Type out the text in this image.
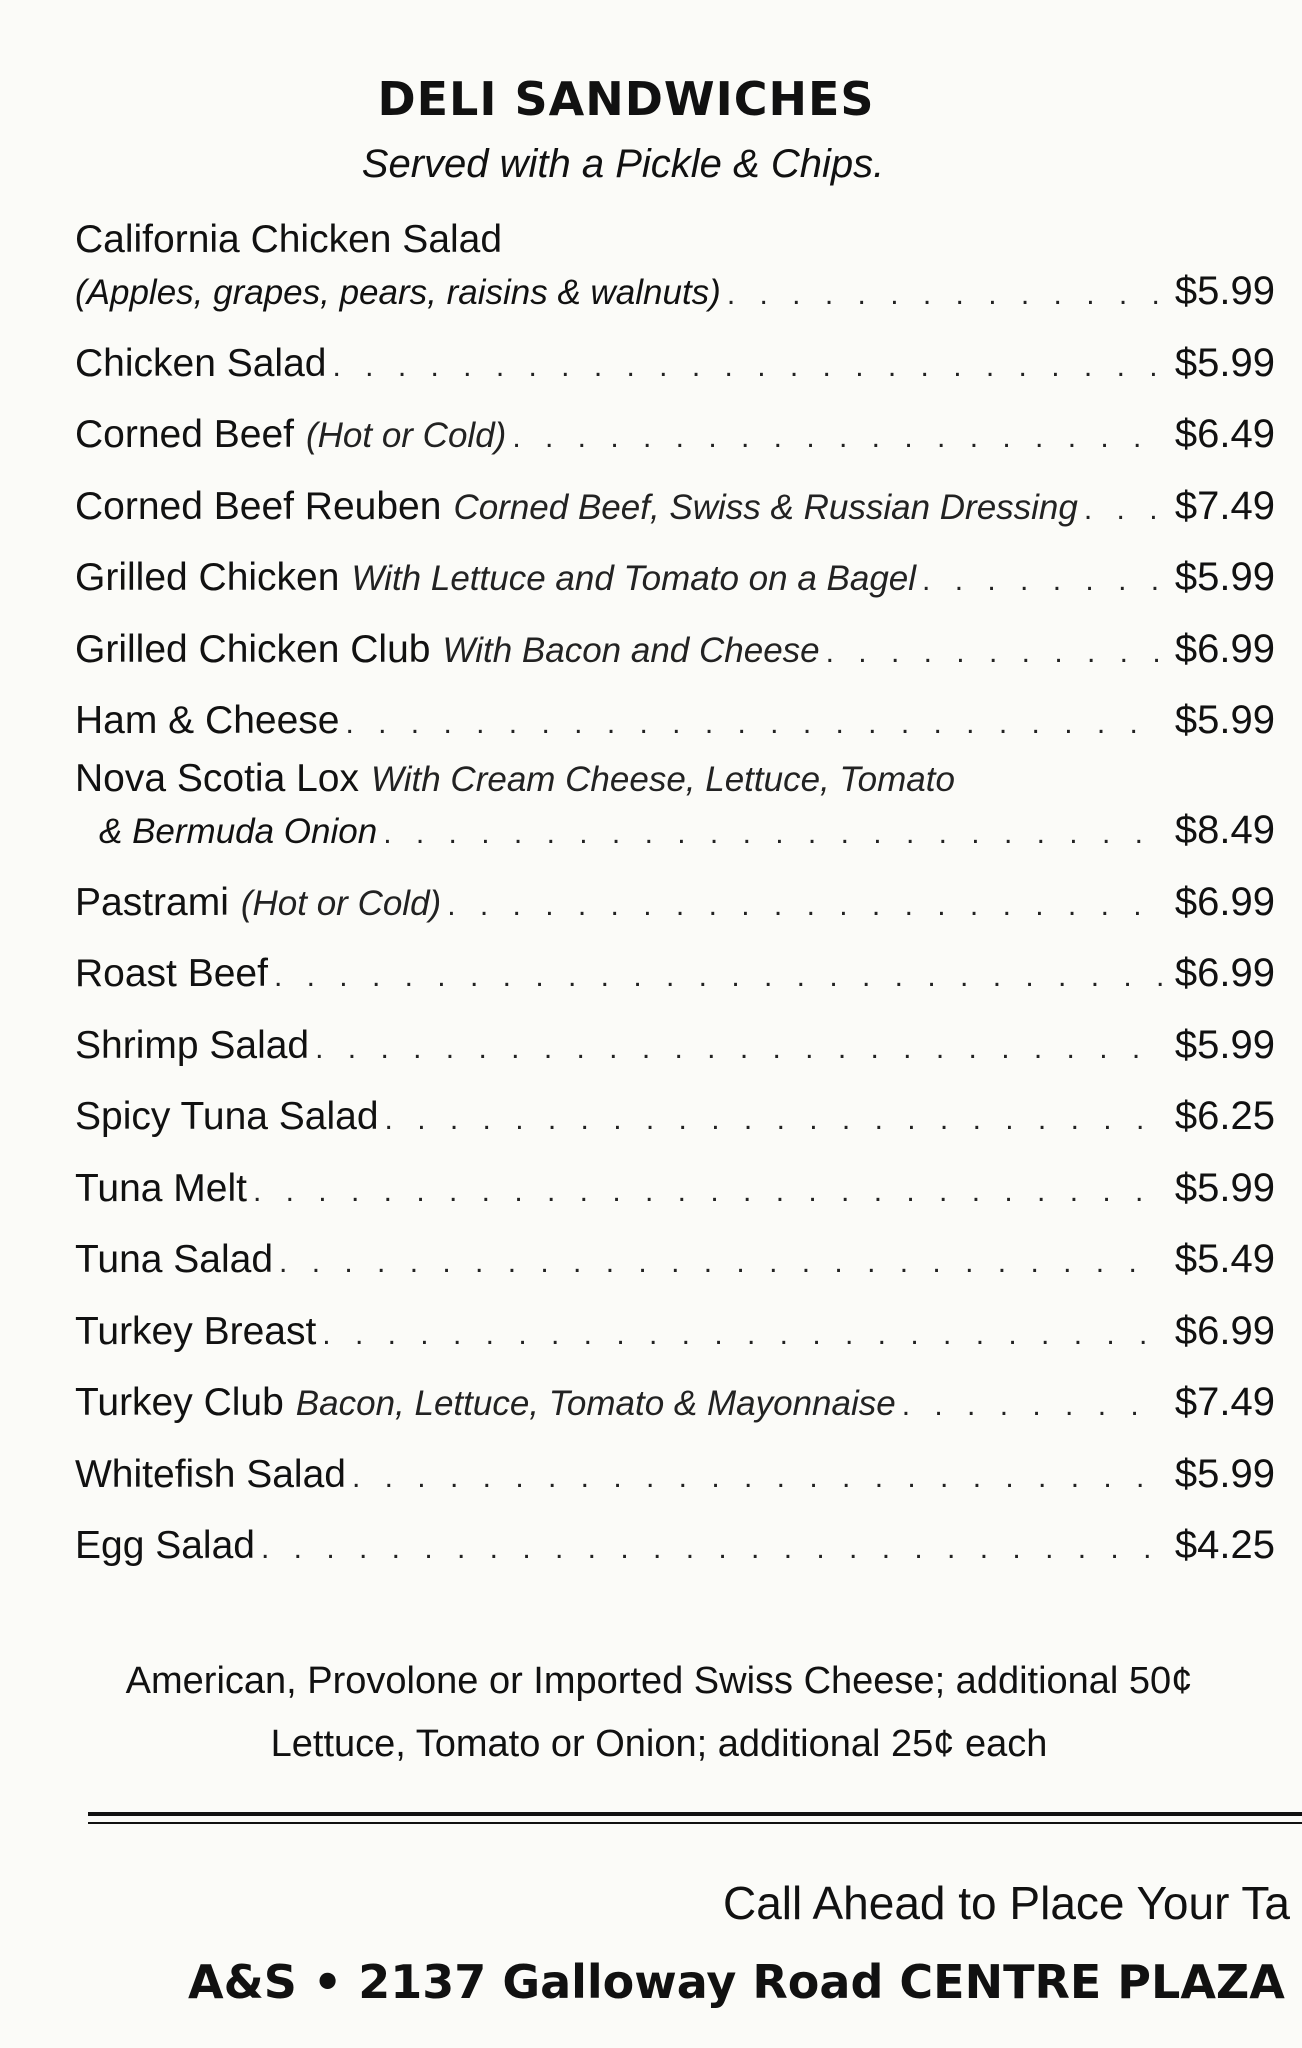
DELI SANDWICHES
Served with a Pickle & Chips.
California Chicken Salad
(Apples, grapes, pears, raisins & walnuts) . . .	$5.99
Chicken Salad . . .	$5.99
Corned Beef (Hot or Cold) . . .	$6.49
Corned Beef Reuben Corned Beef, Swiss & Russian Dressing . . . $7.49
Grilled Chicken With Lettuce and Tomato on a Bagel . . .	$5.99
Grilled Chicken Club With Bacon and Cheese . . .	$6.99
Ham & Cheese . . .	$5.99
Nova Scotia Lox With Cream Cheese, Lettuce, Tomato
& Bermuda Onion . . .	$8.49
Pastrami (Hot or Cold) . . .	$6.99
Roast Beef . . .	$6.99
Shrimp Salad . . .	$5.99
Spicy Tuna Salad . . .	$6.25
Tuna Melt . . .	$5.99
Tuna Salad . . .	$5.49
Turkey Breast . . .	$6.99
Turkey Club Bacon, Lettuce, Tomato & Mayonnaise . . .	$7.49
Whitefish Salad . . .	$5.99
Egg Salad . . .	$4.25
American, Provolone or Imported Swiss Cheese; additional 50¢
Lettuce, Tomato or Onion; additional 25¢ each
Call Ahead to Place Your Ta
A&S • 2137 Galloway Road CENTRE PLAZA
